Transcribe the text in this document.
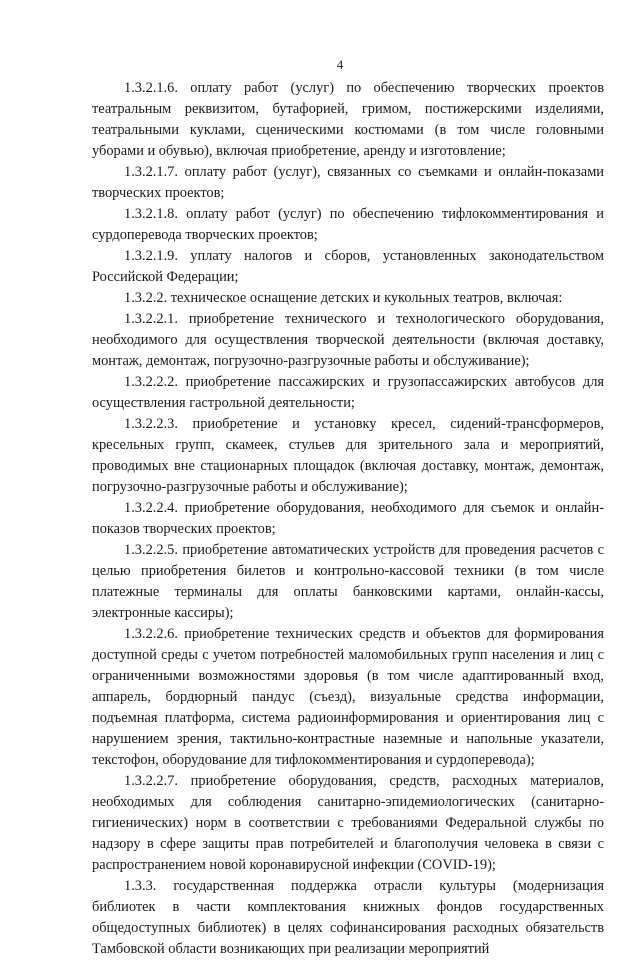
4

1.3.2.1.6. оплату работ (услуг) по обеспечению творческих проектов театральным реквизитом, бутафорией, гримом, постижерскими изделиями, театральными куклами, сценическими костюмами (в том числе головными уборами и обувью), включая приобретение, аренду и изготовление;

1.3.2.1.7. оплату работ (услуг), связанных со съемками и онлайн-показами творческих проектов;

1.3.2.1.8. оплату работ (услуг) по обеспечению тифлокомментирования и сурдоперевода творческих проектов;

1.3.2.1.9. уплату налогов и сборов, установленных законодательством Российской Федерации;

1.3.2.2. техническое оснащение детских и кукольных театров, включая:

1.3.2.2.1. приобретение технического и технологического оборудования, необходимого для осуществления творческой деятельности (включая доставку, монтаж, демонтаж, погрузочно-разгрузочные работы и обслуживание);

1.3.2.2.2. приобретение пассажирских и грузопассажирских автобусов для осуществления гастрольной деятельности;

1.3.2.2.3. приобретение и установку кресел, сидений-трансформеров, кресельных групп, скамеек, стульев для зрительного зала и мероприятий, проводимых вне стационарных площадок (включая доставку, монтаж, демонтаж, погрузочно-разгрузочные работы и обслуживание);

1.3.2.2.4. приобретение оборудования, необходимого для съемок и онлайн-показов творческих проектов;

1.3.2.2.5. приобретение автоматических устройств для проведения расчетов с целью приобретения билетов и контрольно-кассовой техники (в том числе платежные терминалы для оплаты банковскими картами, онлайн-кассы, электронные кассиры);

1.3.2.2.6. приобретение технических средств и объектов для формирования доступной среды с учетом потребностей маломобильных групп населения и лиц с ограниченными возможностями здоровья (в том числе адаптированный вход, аппарель, бордюрный пандус (съезд), визуальные средства информации, подъемная платформа, система радиоинформирования и ориентирования лиц с нарушением зрения, тактильно-контрастные наземные и напольные указатели, текстофон, оборудование для тифлокомментирования и сурдоперевода);

1.3.2.2.7. приобретение оборудования, средств, расходных материалов, необходимых для соблюдения санитарно-эпидемиологических (санитарно-гигиенических) норм в соответствии с требованиями Федеральной службы по надзору в сфере защиты прав потребителей и благополучия человека в связи с распространением новой коронавирусной инфекции (COVID-19);

1.3.3. государственная поддержка отрасли культуры (модернизация библиотек в части комплектования книжных фондов государственных общедоступных библиотек) в целях софинансирования расходных обязательств Тамбовской области возникающих при реализации мероприятий
